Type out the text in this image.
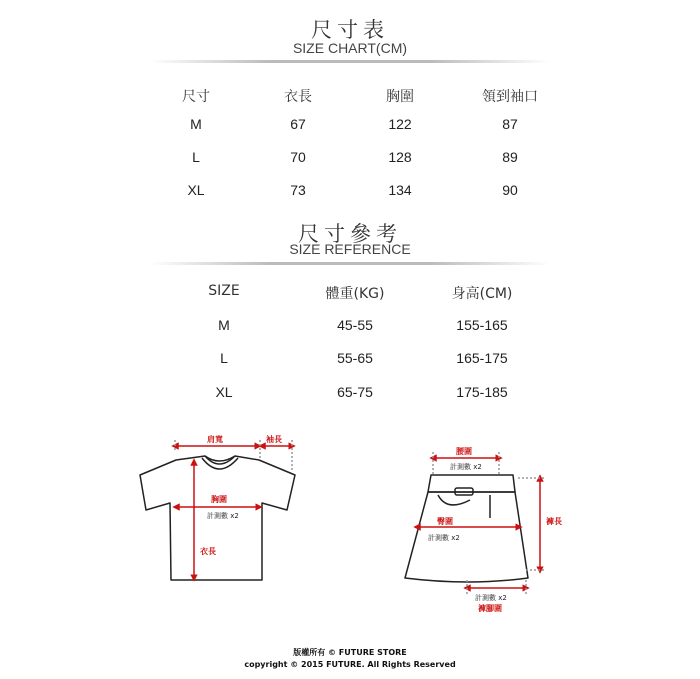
尺寸表
SIZE CHART(CM)
尺寸	衣長	胸圍	領到袖口
M	67	122	87
L	70	128	89
XL	73	134	90
尺寸參考
SIZE REFERENCE
SIZE	體重(KG)	身高(CM)
M	45-55	155-165
L	55-65	165-175
XL	65-75	175-185
肩寬	袖長
胸圍
計測數 x2
衣長
腰圍
計測數 x2
臀圍
計測數 x2
褲長
計測數 x2
褲腳圍
版權所有 © FUTURE STORE
copyright © 2015 FUTURE. All Rights Reserved
